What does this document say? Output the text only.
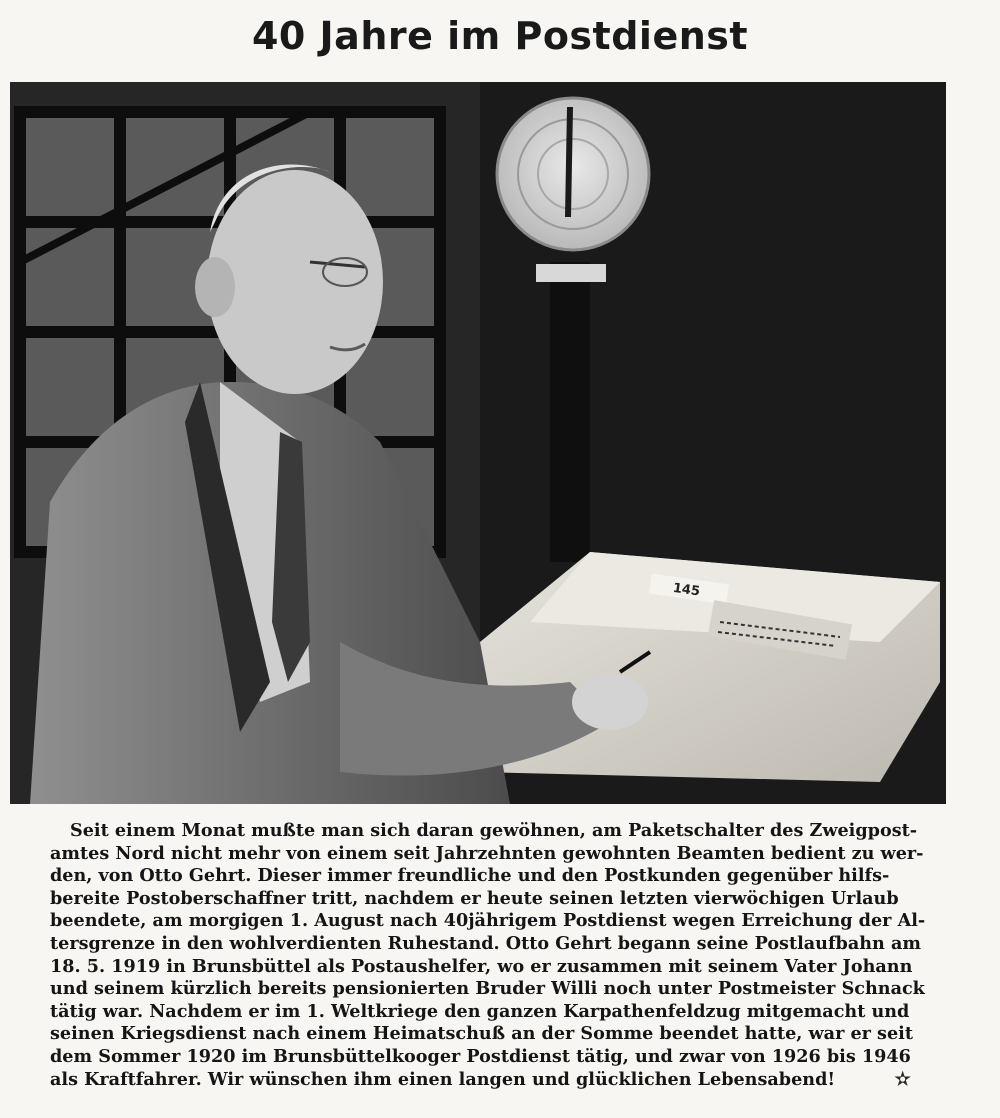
40 Jahre im Postdienst
145
Seit einem Monat mußte man sich daran gewöhnen, am Paketschalter des Zweigpost-
amtes Nord nicht mehr von einem seit Jahrzehnten gewohnten Beamten bedient zu wer-
den, von Otto Gehrt. Dieser immer freundliche und den Postkunden gegenüber hilfs-
bereite Postoberschaffner tritt, nachdem er heute seinen letzten vierwöchigen Urlaub
beendete, am morgigen 1. August nach 40jährigem Postdienst wegen Erreichung der Al-
tersgrenze in den wohlverdienten Ruhestand. Otto Gehrt begann seine Postlaufbahn am
18. 5. 1919 in Brunsbüttel als Postaushelfer, wo er zusammen mit seinem Vater Johann
und seinem kürzlich bereits pensionierten Bruder Willi noch unter Postmeister Schnack
tätig war. Nachdem er im 1. Weltkriege den ganzen Karpathenfeldzug mitgemacht und
seinen Kriegsdienst nach einem Heimatschuß an der Somme beendet hatte, war er seit
dem Sommer 1920 im Brunsbüttelkooger Postdienst tätig, und zwar von 1926 bis 1946
als Kraftfahrer. Wir wünschen ihm einen langen und glücklichen Lebensabend!	✫
